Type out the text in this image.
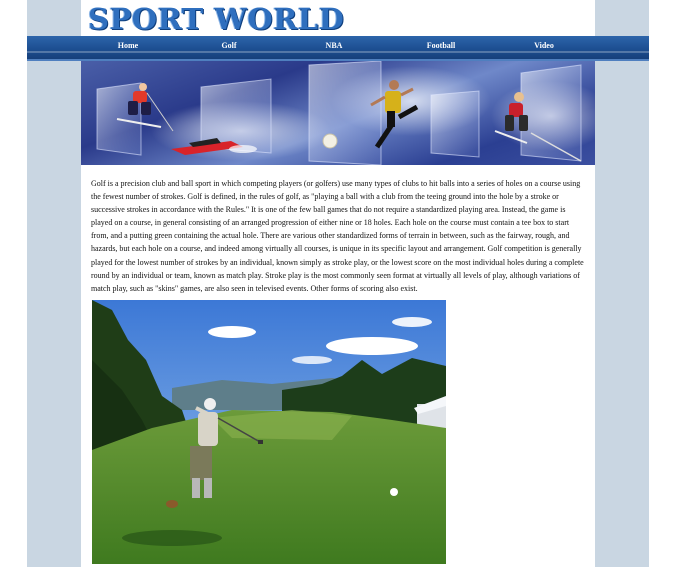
SPORT WORLD
Home	Golf	NBA	Football	Video
Golf is a precision club and ball sport in which competing players (or golfers) use many types of clubs to hit balls into a series of holes on a course using the fewest number of strokes. Golf is defined, in the rules of golf, as "playing a ball with a club from the teeing ground into the hole by a stroke or successive strokes in accordance with the Rules." It is one of the few ball games that do not require a standardized playing area. Instead, the game is played on a course, in general consisting of an arranged progression of either nine or 18 holes. Each hole on the course must contain a tee box to start from, and a putting green containing the actual hole. There are various other standardized forms of terrain in between, such as the fairway, rough, and hazards, but each hole on a course, and indeed among virtually all courses, is unique in its specific layout and arrangement. Golf competition is generally played for the lowest number of strokes by an individual, known simply as stroke play, or the lowest score on the most individual holes during a complete round by an individual or team, known as match play. Stroke play is the most commonly seen format at virtually all levels of play, although variations of match play, such as "skins" games, are also seen in televised events. Other forms of scoring also exist.
